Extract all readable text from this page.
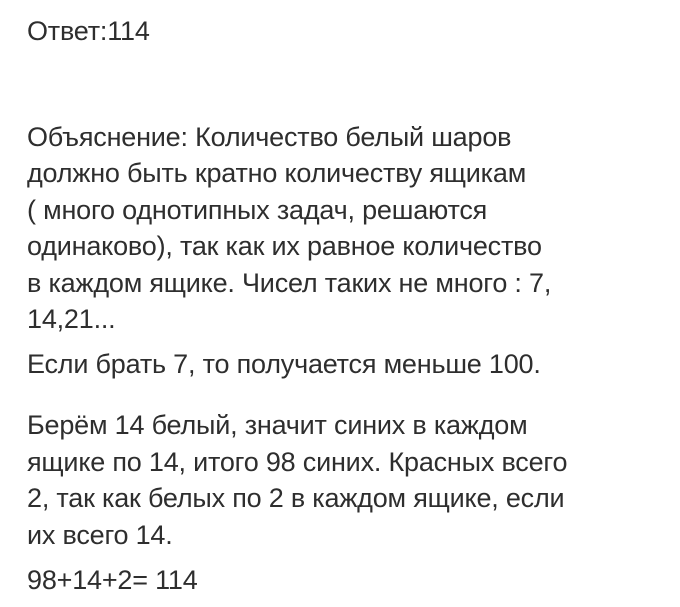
Ответ:114

Объяснение: Количество белый шаров
должно быть кратно количеству ящикам
( много однотипных задач, решаются
одинаково), так как их равное количество
в каждом ящике. Чисел таких не много : 7,
14,21...

Если брать 7, то получается меньше 100.

Берём 14 белый, значит синих в каждом
ящике по 14, итого 98 синих. Красных всего
2, так как белых по 2 в каждом ящике, если
их всего 14.

98+14+2= 114
